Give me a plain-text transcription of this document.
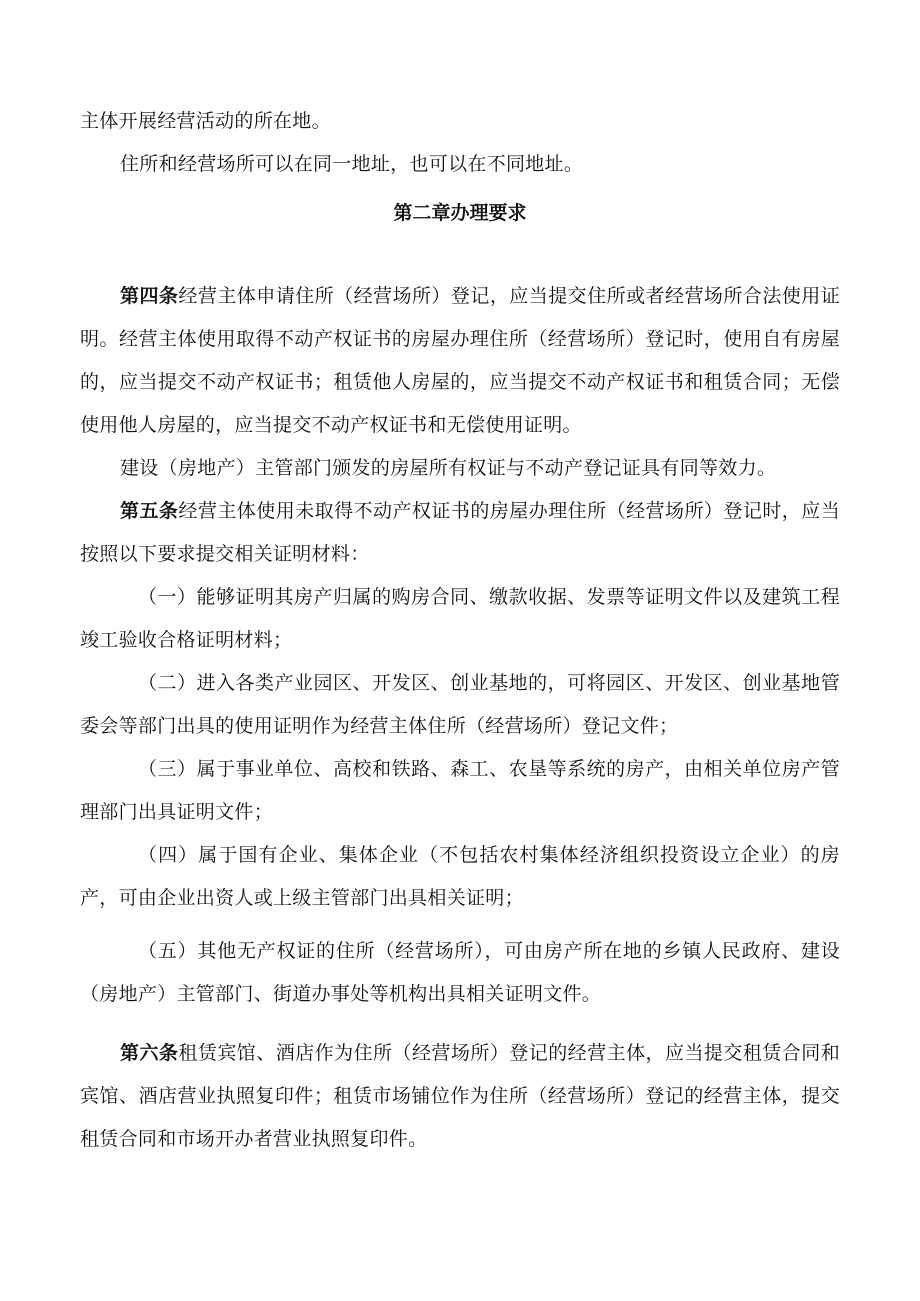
主体开展经营活动的所在地。

住所和经营场所可以在同一地址，也可以在不同地址。

第二章办理要求

第四条经营主体申请住所（经营场所）登记，应当提交住所或者经营场所合法使用证明。经营主体使用取得不动产权证书的房屋办理住所（经营场所）登记时，使用自有房屋的，应当提交不动产权证书；租赁他人房屋的，应当提交不动产权证书和租赁合同；无偿使用他人房屋的，应当提交不动产权证书和无偿使用证明。

建设（房地产）主管部门颁发的房屋所有权证与不动产登记证具有同等效力。

第五条经营主体使用未取得不动产权证书的房屋办理住所（经营场所）登记时，应当按照以下要求提交相关证明材料：

（一）能够证明其房产归属的购房合同、缴款收据、发票等证明文件以及建筑工程竣工验收合格证明材料；

（二）进入各类产业园区、开发区、创业基地的，可将园区、开发区、创业基地管委会等部门出具的使用证明作为经营主体住所（经营场所）登记文件；

（三）属于事业单位、高校和铁路、森工、农垦等系统的房产，由相关单位房产管理部门出具证明文件；

（四）属于国有企业、集体企业（不包括农村集体经济组织投资设立企业）的房产，可由企业出资人或上级主管部门出具相关证明；

（五）其他无产权证的住所（经营场所），可由房产所在地的乡镇人民政府、建设（房地产）主管部门、街道办事处等机构出具相关证明文件。

第六条租赁宾馆、酒店作为住所（经营场所）登记的经营主体，应当提交租赁合同和宾馆、酒店营业执照复印件；租赁市场铺位作为住所（经营场所）登记的经营主体，提交租赁合同和市场开办者营业执照复印件。
